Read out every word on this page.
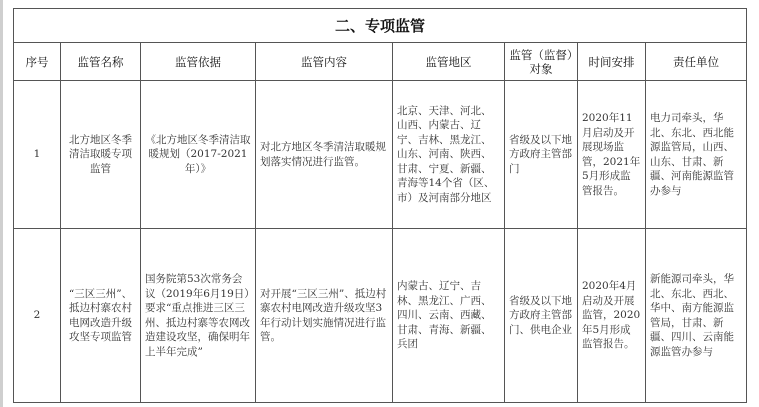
二、专项监管							
序号	监管名称	监管依据	监管内容	监管地区	监管（监督）对象	时间安排	责任单位
1	北方地区冬季清洁取暖专项监管	《北方地区冬季清洁取暖规划（2017-2021年）》	对北方地区冬季清洁取暖规划落实情况进行监管。	北京、天津、河北、山西、内蒙古、辽宁、吉林、黑龙江、山东、河南、陕西、甘肃、宁夏、新疆、青海等14个省（区、市）及河南部分地区	省级及以下地方政府主管部门	2020年11月启动及开展现场监管，2021年5月形成监管报告。	电力司牵头，华北、东北、西北能源监管局，山西、山东、甘肃、新疆、河南能源监管办参与
2	“三区三州”、抵边村寨农村电网改造升级攻坚专项监管	国务院第53次常务会议（2019年6月19日）要求“重点推进三区三州、抵边村寨等农网改造建设攻坚，确保明年上半年完成”	对开展“三区三州”、抵边村寨农村电网改造升级攻坚3年行动计划实施情况进行监管。	内蒙古、辽宁、吉林、黑龙江、广西、四川、云南、西藏、甘肃、青海、新疆、兵团	省级及以下地方政府主管部门、供电企业	2020年4月启动及开展监管，2020年5月形成监管报告。	新能源司牵头，华北、东北、西北、华中、南方能源监管局，甘肃、新疆、四川、云南能源监管办参与
